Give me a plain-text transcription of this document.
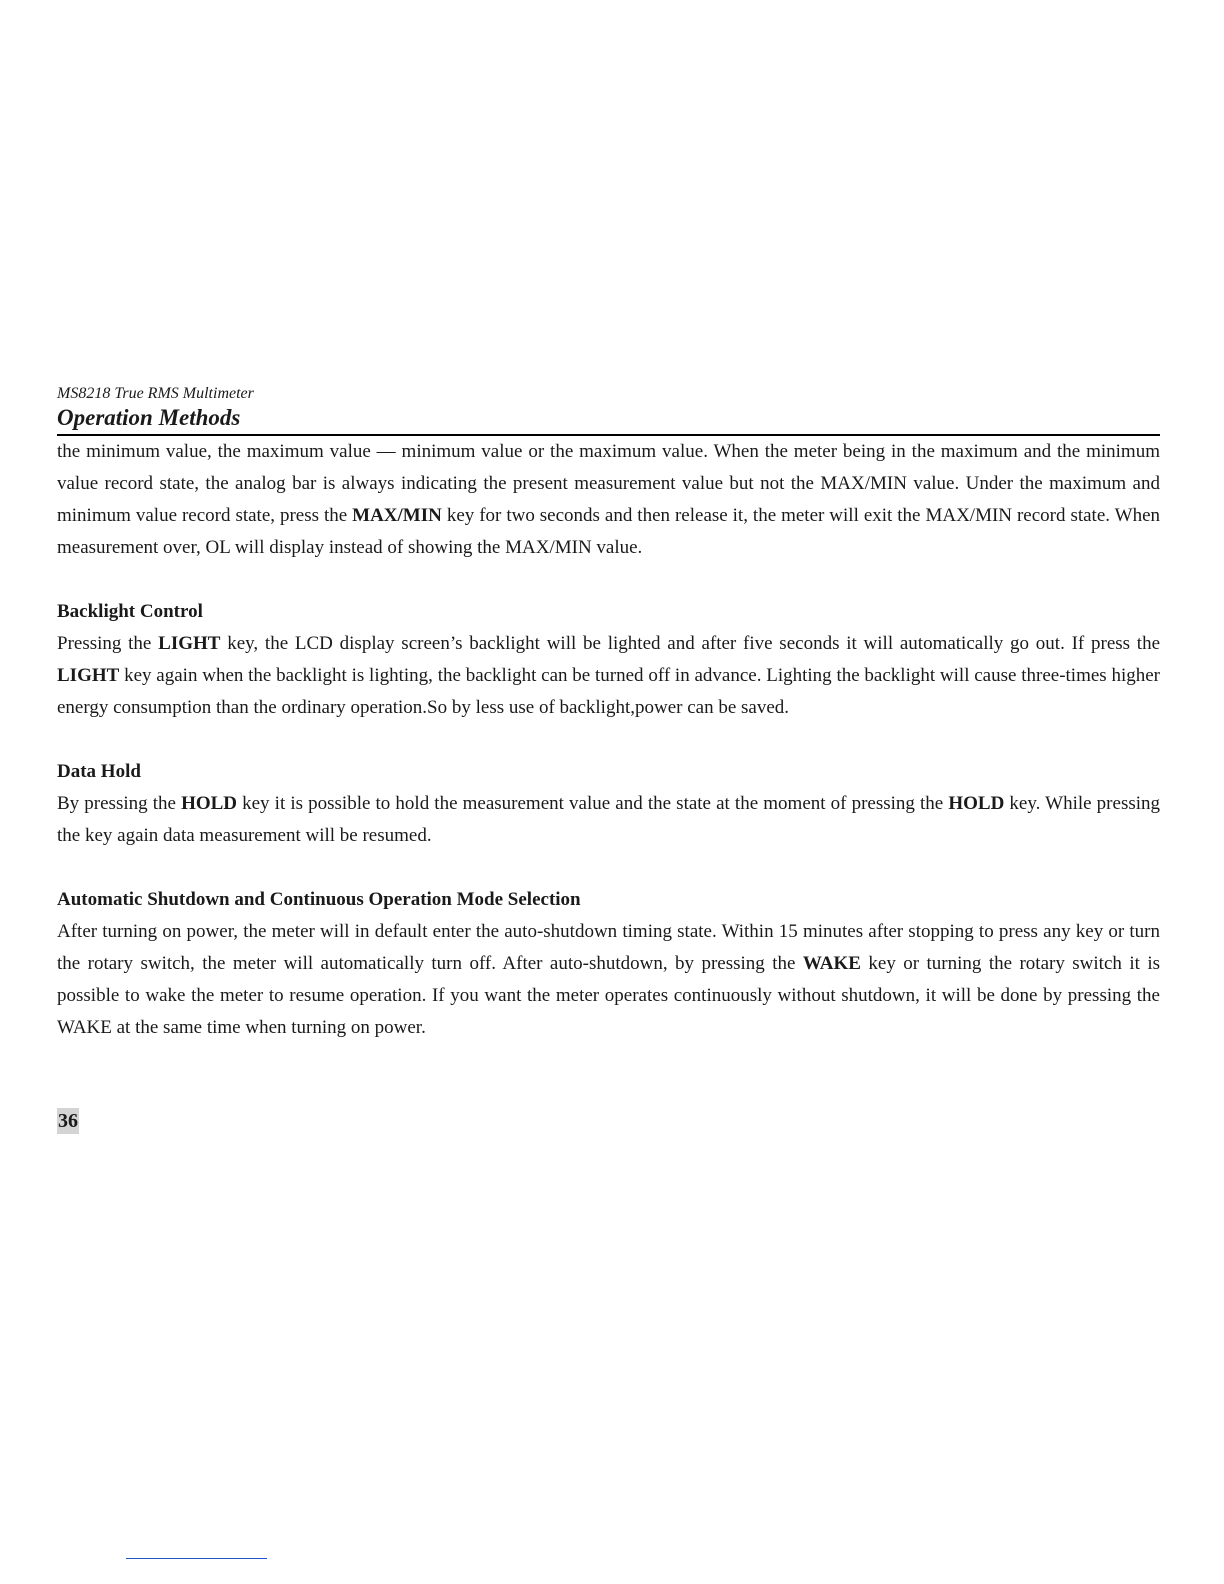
MS8218 True RMS Multimeter

Operation Methods

the minimum value, the maximum value — minimum value or the maximum value. When the meter being in the maximum and the minimum value record state, the analog bar is always indicating the present measurement value but not the MAX/MIN value. Under the maximum and minimum value record state, press the MAX/MIN key for two seconds and then release it, the meter will exit the MAX/MIN record state. When measurement over, OL will display instead of showing the MAX/MIN value.

Backlight Control

Pressing the LIGHT key, the LCD display screen’s backlight will be lighted and after five seconds it will automatically go out. If press the LIGHT key again when the backlight is lighting, the backlight can be turned off in advance. Lighting the backlight will cause three-times higher energy consumption than the ordinary operation.So by less use of backlight,power can be saved.

Data Hold

By pressing the HOLD key it is possible to hold the measurement value and the state at the moment of pressing the HOLD key. While pressing the key again data measurement will be resumed.

Automatic Shutdown and Continuous Operation Mode Selection

After turning on power, the meter will in default enter the auto-shutdown timing state. Within 15 minutes after stopping to press any key or turn the rotary switch, the meter will automatically turn off. After auto-shutdown, by pressing the WAKE key or turning the rotary switch it is possible to wake the meter to resume operation. If you want the meter operates continuously without shutdown, it will be done by pressing the WAKE at the same time when turning on power.

36
